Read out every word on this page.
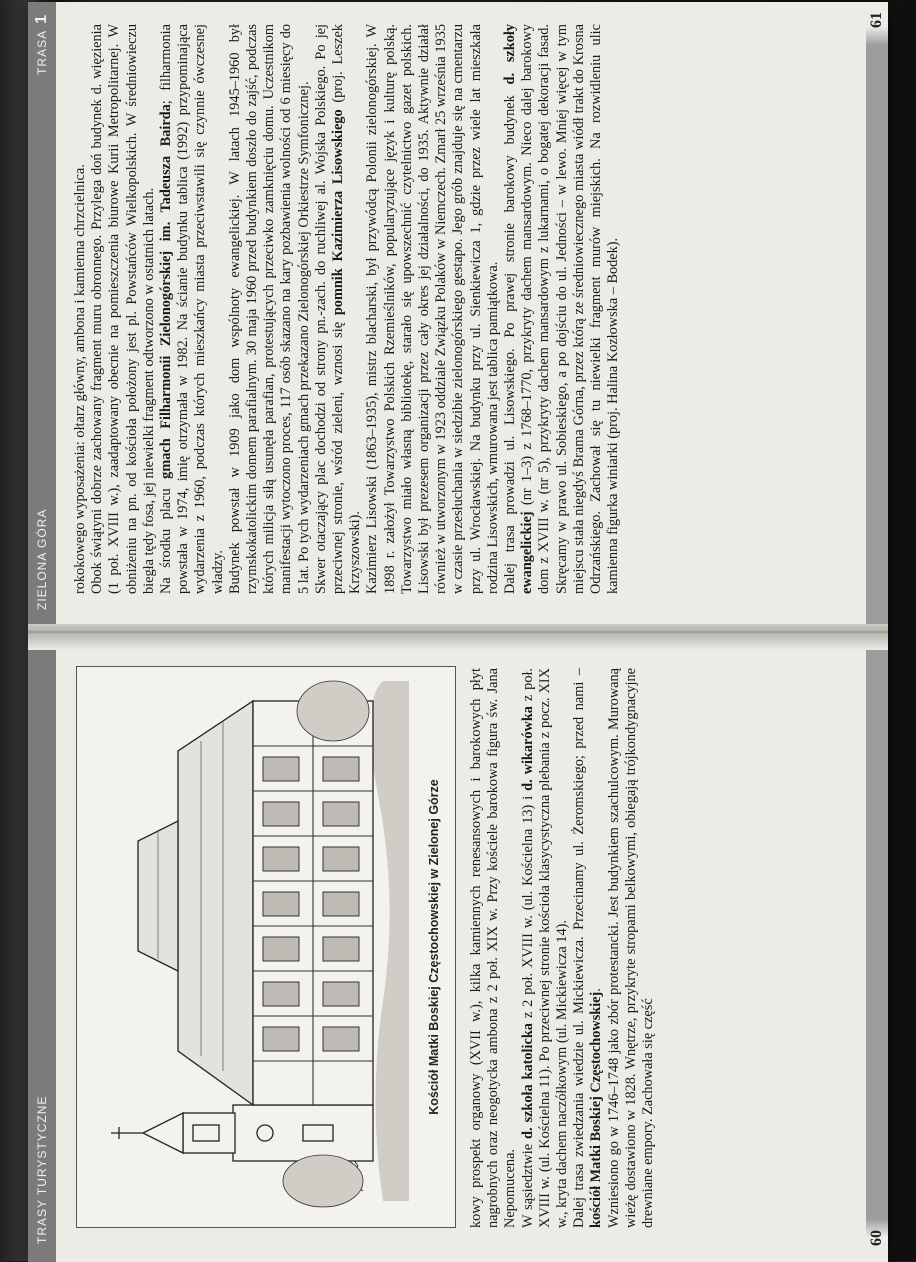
TRASY TURYSTYCZNE
Kościół Matki Boskiej Częstochowskiej w Zielonej Górze kowy prospekt organowy (XVII w.), kilka kamiennych renesansowych i barokowych płyt nagrobnych oraz neogotycka ambona z 2 poł. XIX w. Przy kościele barokowa figura św. Jana Nepomucena. W sąsiedztwie d. szkoła katolicka z 2 poł. XVIII w. (ul. Kościelna 13) i d. wikarówka z poł. XVIII w. (ul. Kościelna 11). Po przeciwnej stronie kościoła klasycystyczna plebania z pocz. XIX w., kryta dachem naczółkowym (ul. Mickiewicza 14). Dalej trasa zwiedzania wiedzie ul. Mickiewicza. Przecinamy ul. Żeromskiego; przed nami – kościół Matki Boskiej Częstochowskiej. Wzniesiono go w 1746–1748 jako zbór protestancki. Jest budynkiem szachulcowym. Murowaną wieżę dostawiono w 1828. Wnętrze, przykryte stropami belkowymi, obiegają trójkondygnacyjne drewniane empory. Zachowała się część

60
ZIELONA GÓRA
TRASA1

rokokowego wyposażenia: ołtarz główny, ambona i kamienna chrzcielnica. Obok świątyni dobrze zachowany fragment muru obronnego. Przylega doń budynek d. więzienia (1 poł. XVIII w.), zaadaptowany obecnie na pomieszczenia biurowe Kurii Metropolitarnej. W obniżeniu na pn. od kościoła położony jest pl. Powstańców Wielkopolskich. W średniowieczu biegła tędy fosa, jej niewielki fragment odtworzono w ostatnich latach. Na środku placu gmach Filharmonii Zielonogórskiej im. Tadeusza Bairda; filharmonia powstała w 1974, imię otrzymała w 1982. Na ścianie budynku tablica (1992) przypominająca wydarzenia z 1960, podczas których mieszkańcy miasta przeciwstawili się czynnie ówczesnej władzy. Budynek powstał w 1909 jako dom wspólnoty ewangelickiej. W latach 1945–1960 był rzymskokatolickim domem parafialnym. 30 maja 1960 przed budynkiem doszło do zajść, podczas których milicja siłą usunęła parafian, protestujących przeciwko zamknięciu domu. Uczestnikom manifestacji wytoczono proces, 117 osób skazano na kary pozbawienia wolności od 6 miesięcy do 5 lat. Po tych wydarzeniach gmach przekazano Zielonogórskiej Orkiestrze Symfonicznej. Skwer otaczający plac dochodzi od strony pn.-zach. do ruchliwej al. Wojska Polskiego. Po jej przeciwnej stronie, wśród zieleni, wznosi się pomnik Kazimierza Lisowskiego (proj. Leszek Krzyszowski). Kazimierz Lisowski (1863–1935), mistrz blacharski, był przywódcą Polonii zielonogórskiej. W 1898 r. założył Towarzystwo Polskich Rzemieślników, popularyzujące język i kulturę polską. Towarzystwo miało własną bibliotekę, starało się upowszechnić czytelnictwo gazet polskich. Lisowski był prezesem organizacji przez cały okres jej działalności, do 1935. Aktywnie działał również w utworzonym w 1923 oddziale Związku Polaków w Niemczech. Zmarł 25 września 1935 w czasie przesłuchania w siedzibie zielonogórskiego gestapo. Jego grób znajduje się na cmentarzu przy ul. Wrocławskiej. Na budynku przy ul. Sienkiewicza 1, gdzie przez wiele lat mieszkała rodzina Lisowskich, wmurowana jest tablica pamiątkowa. Dalej trasa prowadzi ul. Lisowskiego. Po prawej stronie barokowy budynek d. szkoły ewangelickiej (nr 1–3) z 1768–1770, przykryty dachem mansardowym. Nieco dalej barokowy dom z XVIII w. (nr 5), przykryty dachem mansardowym z lukarnami, o bogatej dekoracji fasad. Skręcamy w prawo ul. Sobieskiego, a po dojściu do ul. Jedności – w lewo. Mniej więcej w tym miejscu stała niegdyś Brama Górna, przez którą ze średniowiecznego miasta wiódł trakt do Krosna Odrzańskiego. Zachował się tu niewielki fragment murów miejskich. Na rozwidleniu ulic kamienna figurka winiarki (proj. Halina Kozłowska – Bodek).

61
